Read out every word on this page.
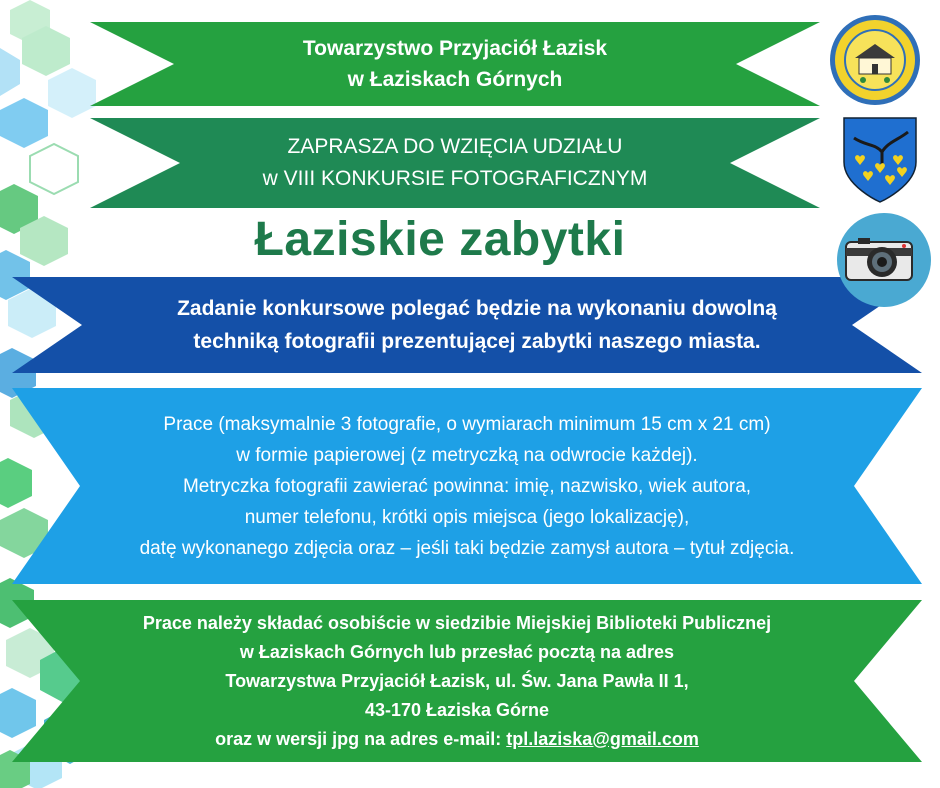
Towarzystwo Przyjaciół Łazisk
w Łaziskach Górnych
ZAPRASZA DO WZIĘCIA UDZIAŁU
w VIII KONKURSIE FOTOGRAFICZNYM
Łaziskie zabytki
Zadanie konkursowe polegać będzie na wykonaniu dowolną
techniką fotografii prezentującej zabytki naszego miasta.
Prace (maksymalnie 3 fotografie, o wymiarach minimum 15 cm x 21 cm)
w formie papierowej (z metryczką na odwrocie każdej).
Metryczka fotografii zawierać powinna: imię, nazwisko, wiek autora,
numer telefonu, krótki opis miejsca (jego lokalizację),
datę wykonanego zdjęcia oraz – jeśli taki będzie zamysł autora – tytuł zdjęcia.
Prace należy składać osobiście w siedzibie Miejskiej Biblioteki Publicznej
w Łaziskach Górnych lub przesłać pocztą na adres
Towarzystwa Przyjaciół Łazisk, ul. Św. Jana Pawła II 1,
43-170 Łaziska Górne
oraz w wersji jpg na adres e-mail: tpl.laziska@gmail.com
